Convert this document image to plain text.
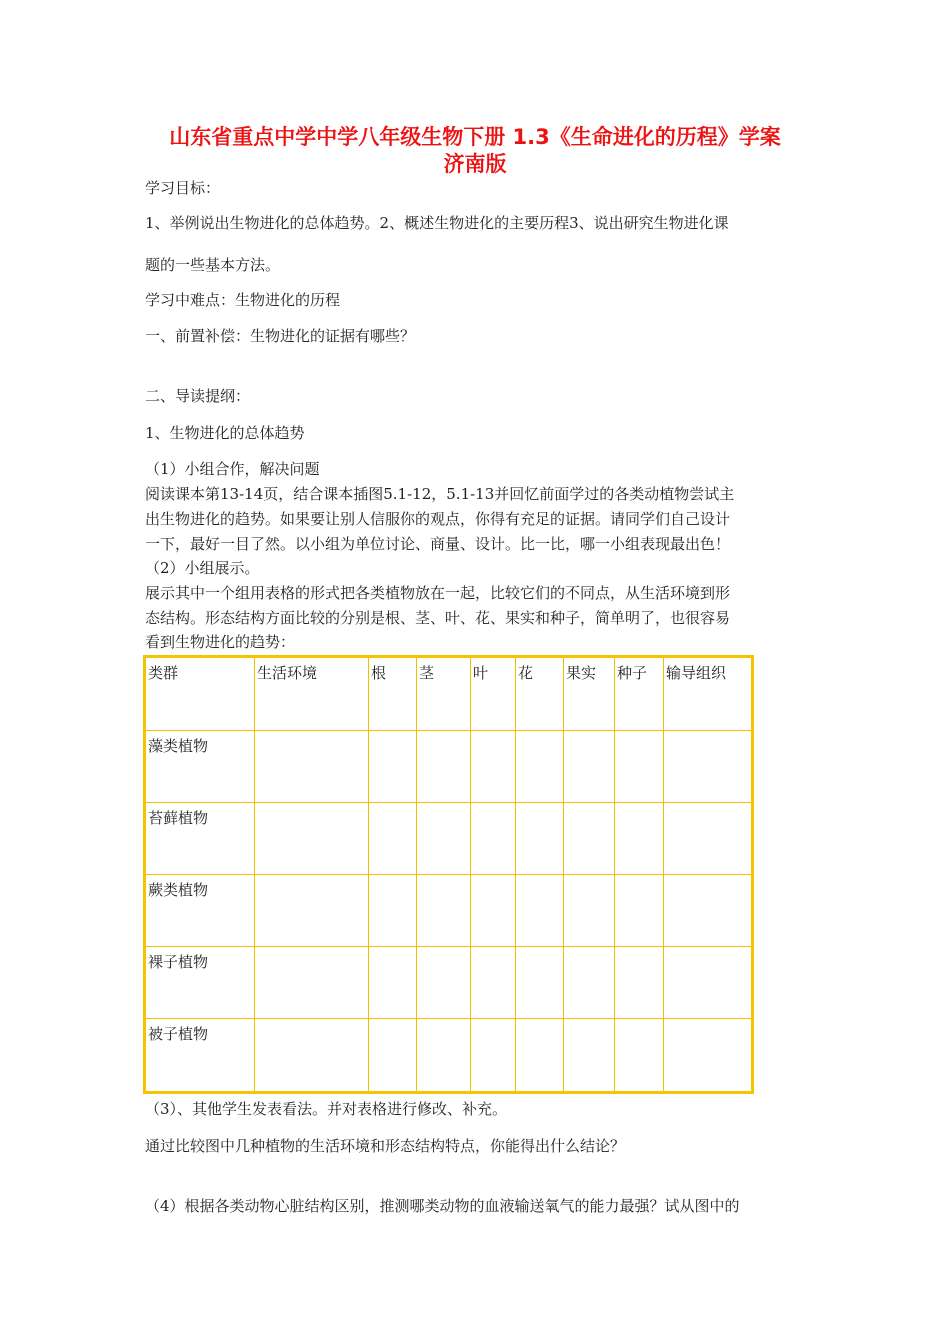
山东省重点中学中学八年级生物下册 1.3《生命进化的历程》学案
济南版
学习目标：
1、举例说出生物进化的总体趋势。2、概述生物进化的主要历程3、说出研究生物进化课
题的一些基本方法。
学习中难点：生物进化的历程
一、前置补偿：生物进化的证据有哪些？
二、导读提纲：
1、生物进化的总体趋势
（1）小组合作，解决问题
阅读课本第13-14页，结合课本插图5.1-12，5.1-13并回忆前面学过的各类动植物尝试主
出生物进化的趋势。如果要让别人信服你的观点，你得有充足的证据。请同学们自己设计
一下，最好一目了然。以小组为单位讨论、商量、设计。比一比，哪一小组表现最出色！
（2）小组展示。
展示其中一个组用表格的形式把各类植物放在一起，比较它们的不同点，从生活环境到形
态结构。形态结构方面比较的分别是根、茎、叶、花、果实和种子，简单明了，也很容易
看到生物进化的趋势：
类群	生活环境	根	茎	叶	花	果实	种子	输导组织
藻类植物								
苔藓植物								
蕨类植物								
裸子植物								
被子植物								
（3）、其他学生发表看法。并对表格进行修改、补充。
通过比较图中几种植物的生活环境和形态结构特点，你能得出什么结论？
（4）根据各类动物心脏结构区别，推测哪类动物的血液输送氧气的能力最强？试从图中的
